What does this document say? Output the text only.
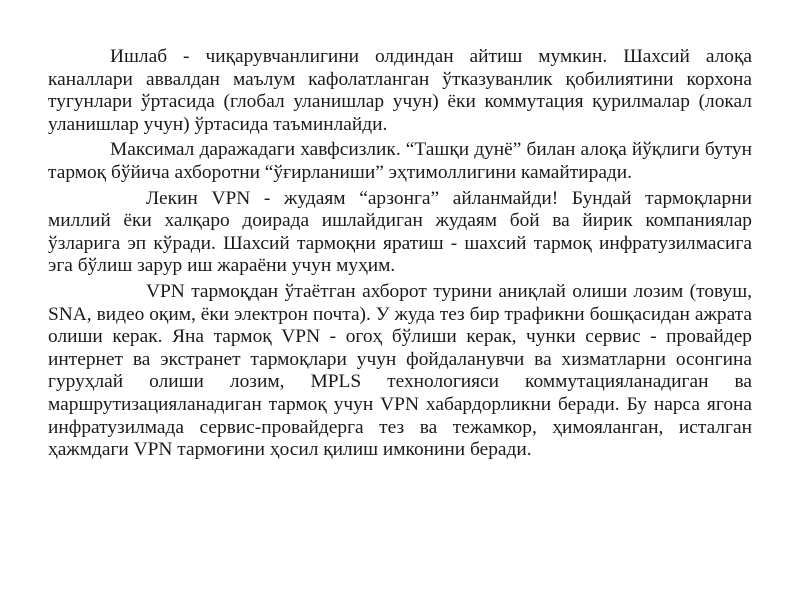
Ишлаб - чиқарувчанлигини олдиндан айтиш мумкин. Шахсий алоқа каналлари аввалдан маълум кафолатланган ўтказуванлик қобилиятини корхона тугунлари ўртасида (глобал уланишлар учун) ёки коммутация қурилмалар (локал уланишлар учун) ўртасида таъминлайди.

Максимал даражадаги хавфсизлик. “Ташқи дунё” билан алоқа йўқлиги бутун тармоқ бўйича ахборотни “ўғирланиши” эҳтимоллигини камайтиради.

Лекин VPN - жудаям “арзонга” айланмайди! Бундай тармоқларни миллий ёки халқаро доирада ишлайдиган жудаям бой ва йирик компаниялар ўзларига эп кўради. Шахсий тармоқни яратиш - шахсий тармоқ инфратузилмасига эга бўлиш зарур иш жараёни учун муҳим.

VPN тармоқдан ўтаётган ахборот турини аниқлай олиши лозим (товуш, SNA, видео оқим, ёки электрон почта). У жуда тез бир трафикни бошқасидан ажрата олиши керак. Яна тармоқ VPN - огоҳ бўлиши керак, чунки сервис - провайдер интернет ва экстранет тармоқлари учун фойдаланувчи ва хизматларни осонгина гуруҳлай олиши лозим, MPLS технологияси коммутацияланадиган ва маршрутизацияланадиган тармоқ учун VPN хабардорликни беради. Бу нарса ягона инфратузилмада сервис-провайдерга тез ва тежамкор, ҳимояланган, исталган ҳажмдаги VPN тармоғини ҳосил қилиш имконини беради.
